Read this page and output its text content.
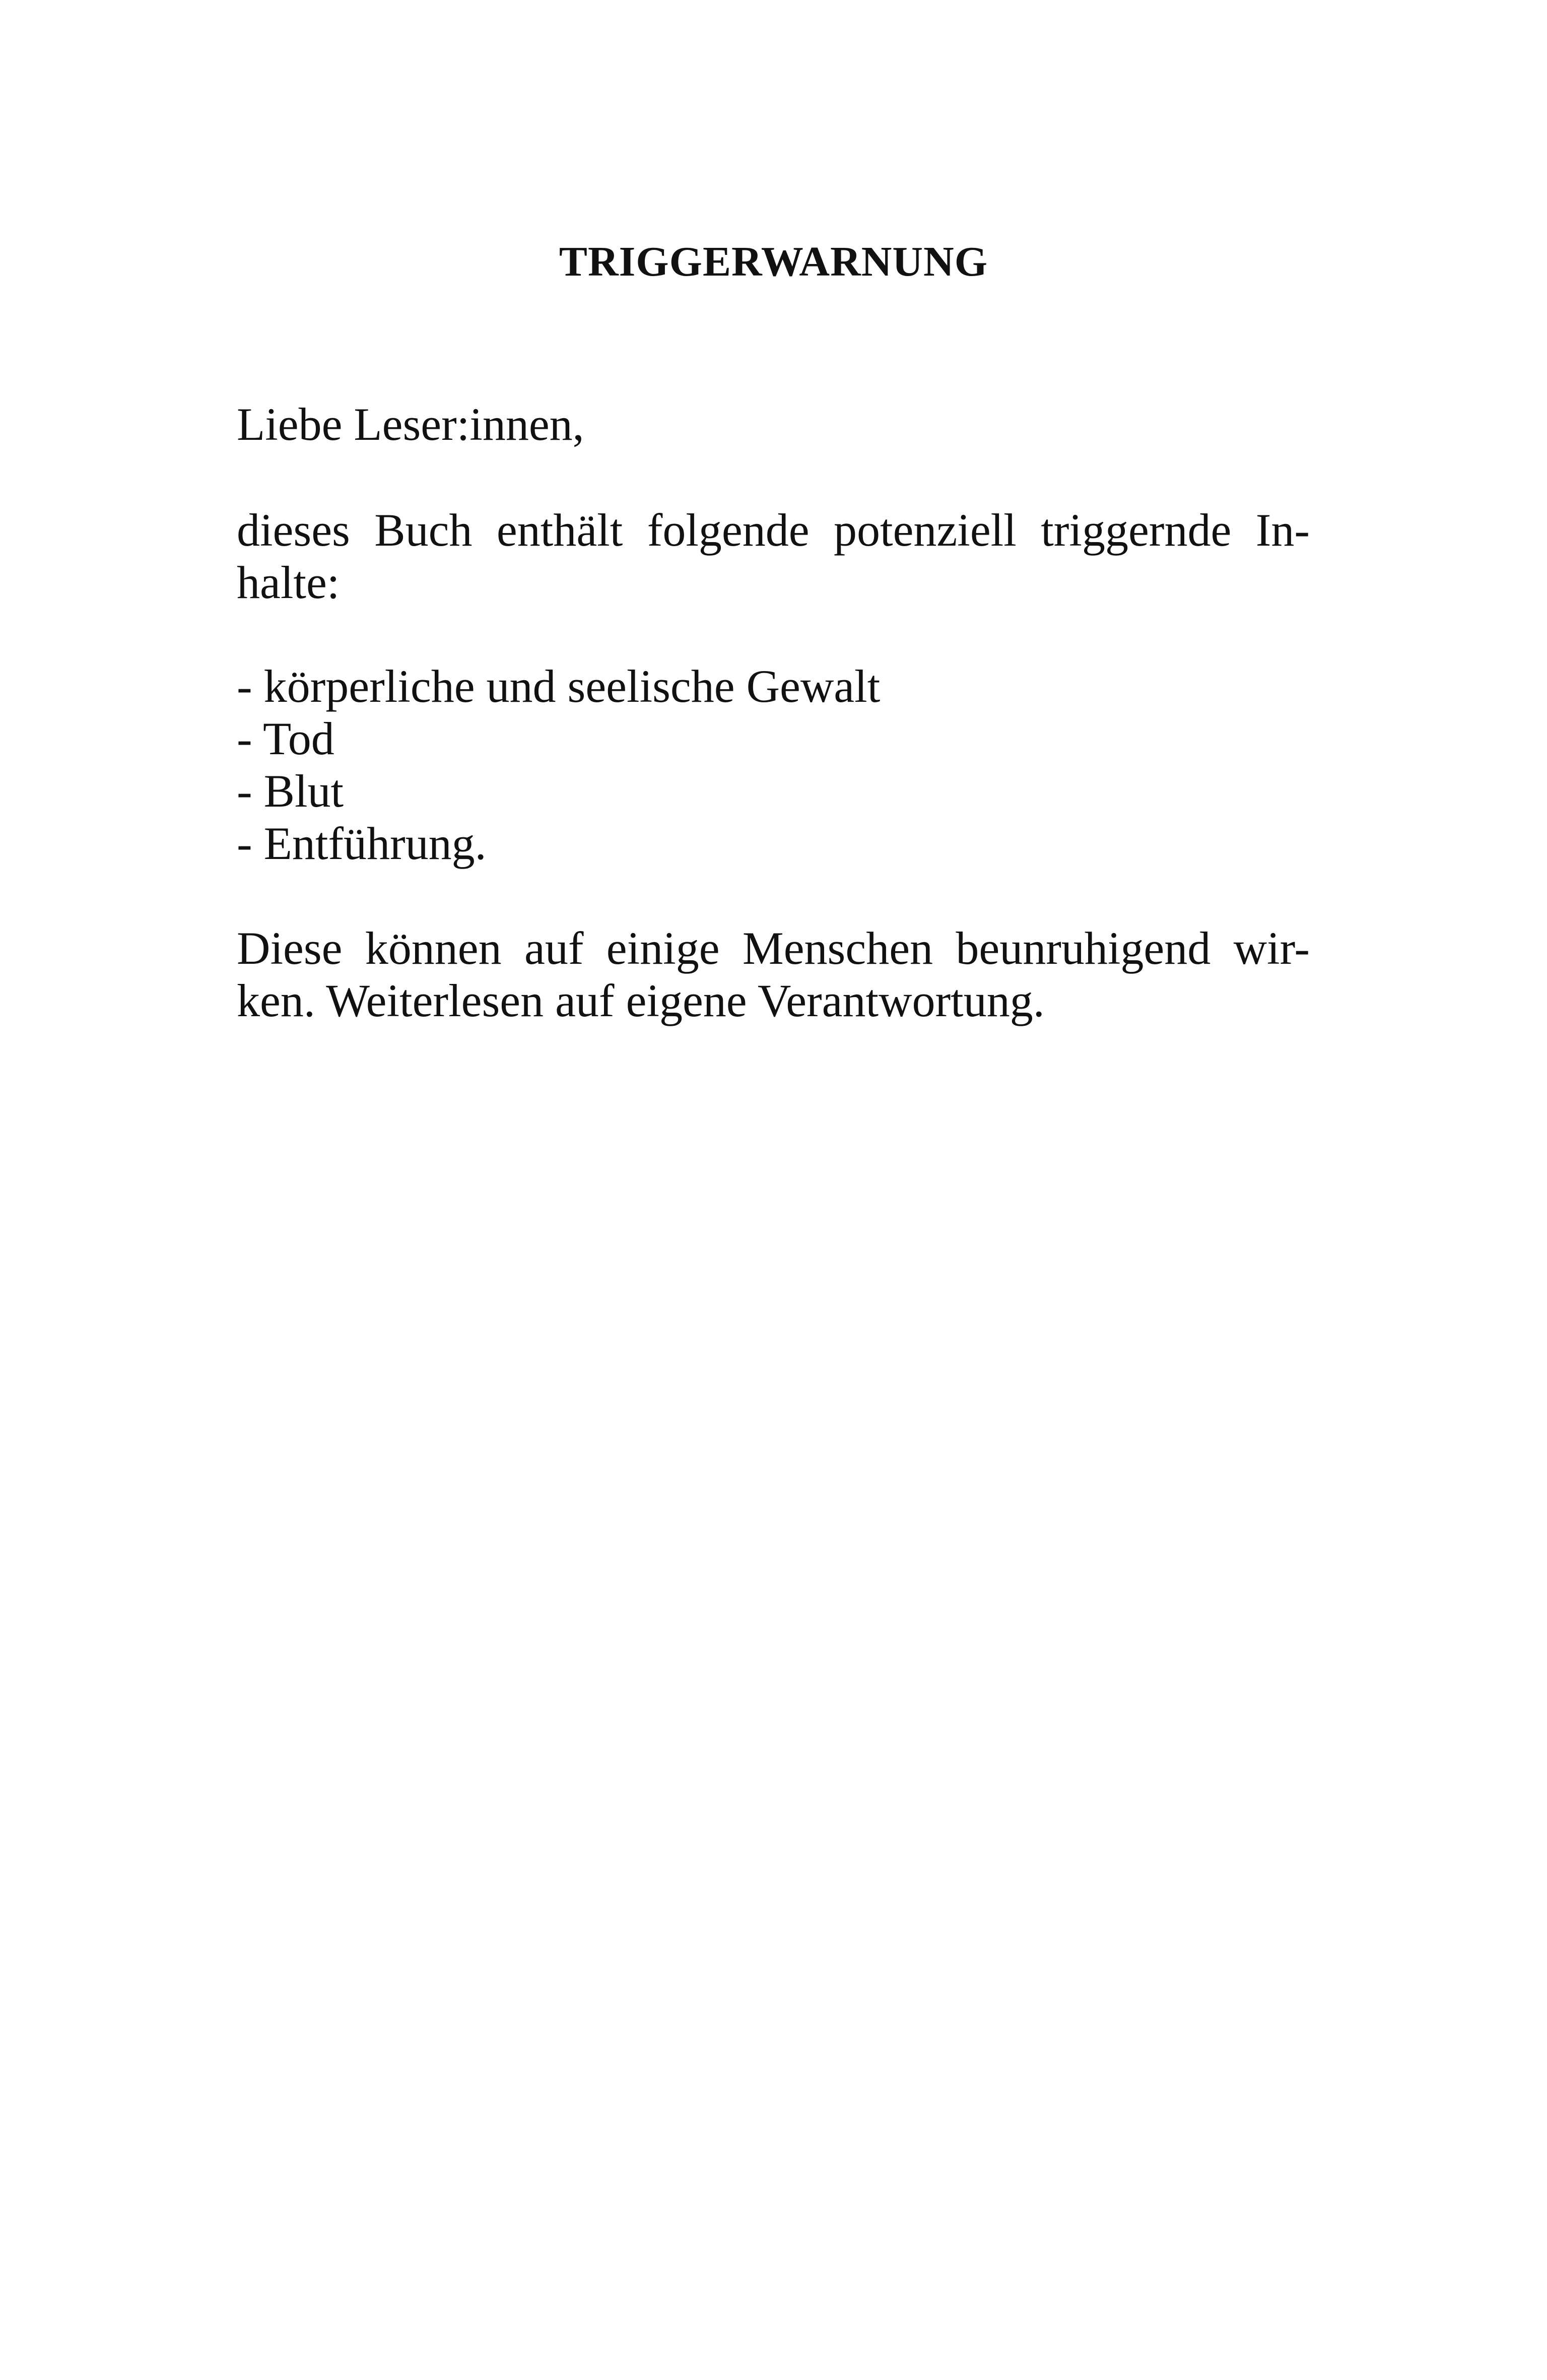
TRIGGERWARNUNG
Liebe Leser:innen,
dieses Buch enthält folgende potenziell triggernde In-
halte:
- körperliche und seelische Gewalt
- Tod
- Blut
- Entführung.
Diese können auf einige Menschen beunruhigend wir-
ken. Weiterlesen auf eigene Verantwortung.
